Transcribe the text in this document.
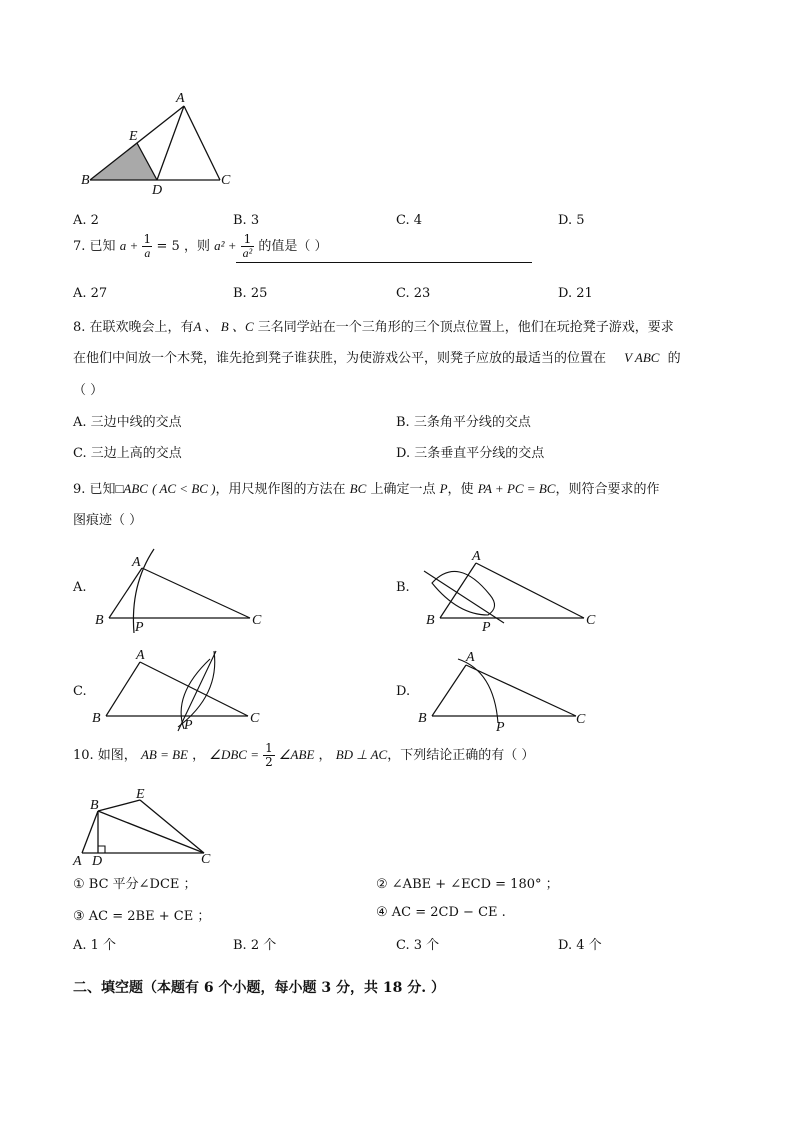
A
E
B
D
C
A. 2	B. 3	C. 4	D. 5
7. 已知 $a + \frac{1}{a} = 5$ ，则 $a^2 + \frac{1}{\text{a²}}$ 的值是（ ）
A. 27	B. 25	C. 23	D. 21
8. 在联欢晚会上，有A 、 B 、C 三名同学站在一个三角形的三个顶点位置上，他们在玩抢凳子游戏，要求
在他们中间放一个木凳，谁先抢到凳子谁获胜，为使游戏公平，则凳子应放的最适当的位置在 V ABC 的
（ ）
A. 三边中线的交点	B. 三条角平分线的交点
C. 三边上高的交点	D. 三条垂直平分线的交点
9. 已知□ABC ( AC < BC )，用尺规作图的方法在 BC 上确定一点 P，使 PA + PC = BC，则符合要求的作
图痕迹（ ）
A.
A
B	C
P
B.
A
B	C
P
C.
A
B	C
P
D.
A
B	C
P
10. 如图， AB = BE ， ∠DBC = $\frac{1}{2}$ ∠ABE ， BD ⊥ AC，下列结论正确的有（ ）
B
E
A D	C
① BC 平分∠DCE ；	② ∠ABE + ∠ECD = 180° ；
③ AC = 2BE + CE ；	④ AC = 2CD − CE .
A. 1 个	B. 2 个	C. 3 个	D. 4 个
二、填空题（本题有 6 个小题，每小题 3 分，共 18 分. ）
